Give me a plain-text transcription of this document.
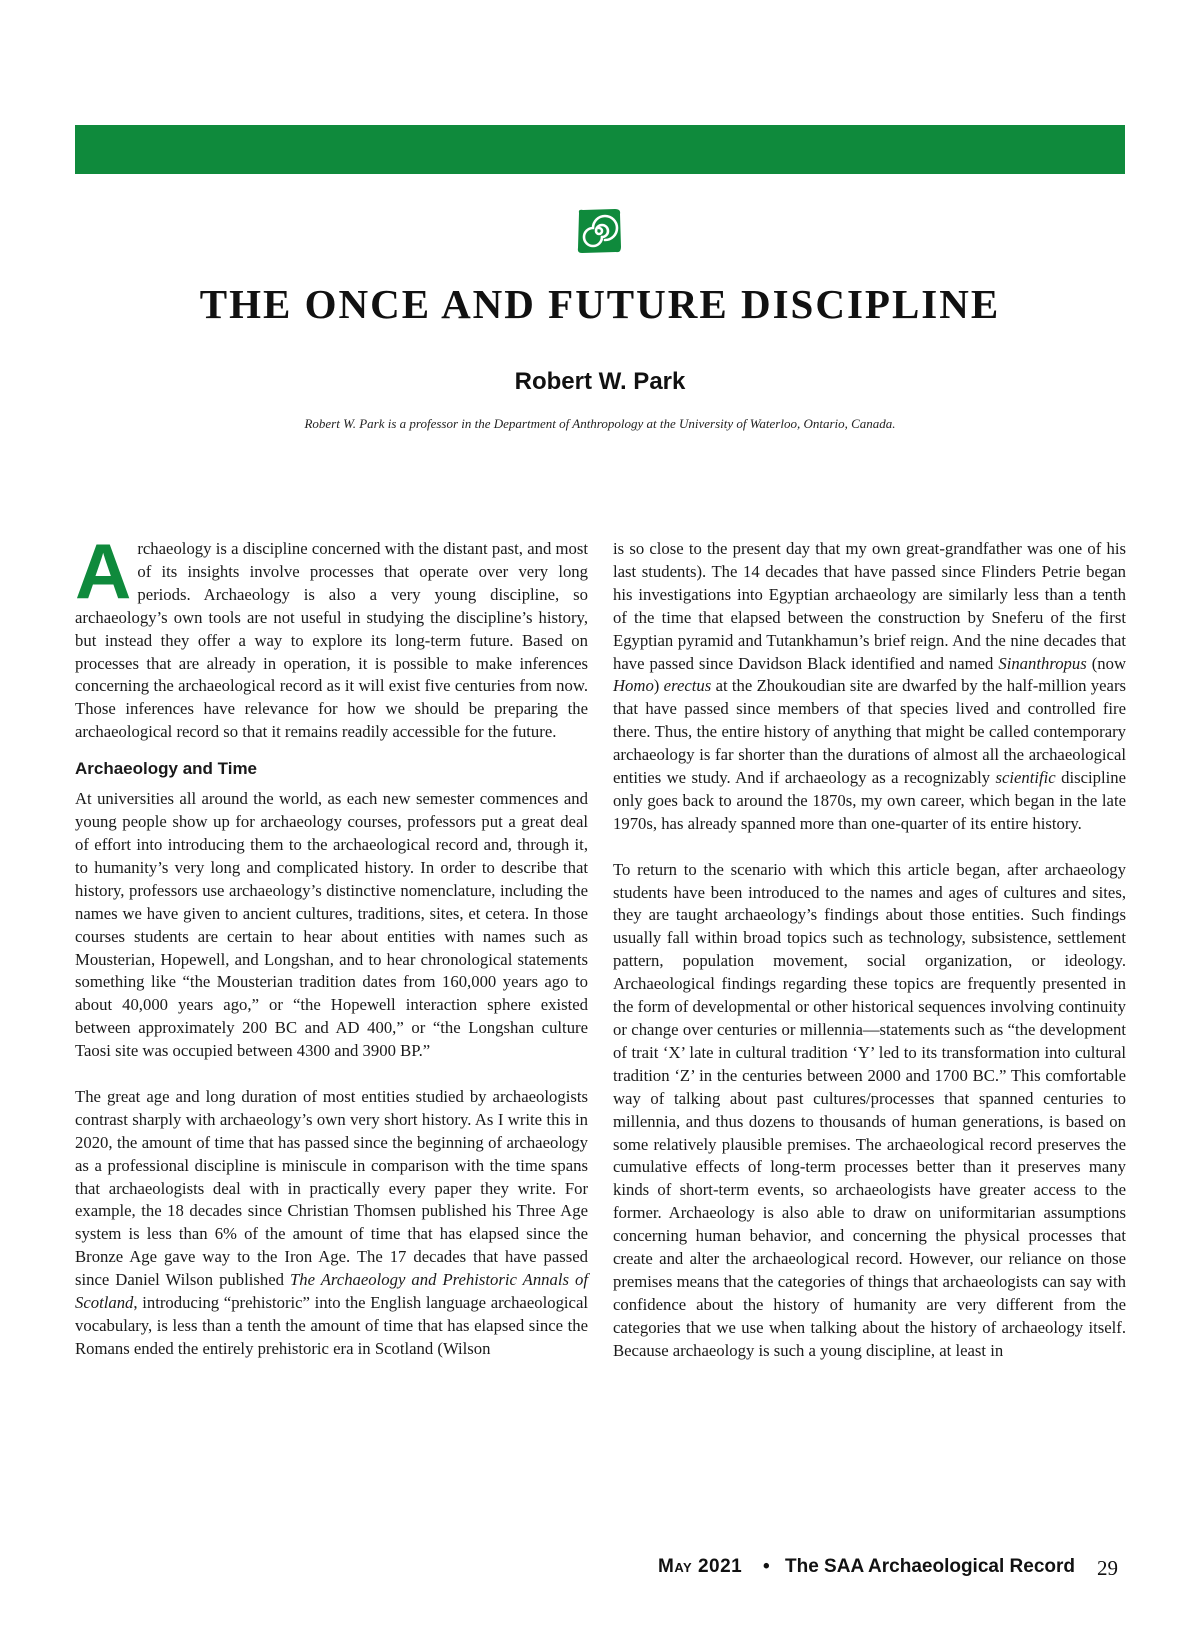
THE ONCE AND FUTURE DISCIPLINE
Robert W. Park
Robert W. Park is a professor in the Department of Anthropology at the University of Waterloo, Ontario, Canada.

Archaeology is a discipline concerned with the distant past, and most of its insights involve processes that operate over very long periods. Archaeology is also a very young discipline, so archaeology’s own tools are not useful in studying the discipline’s history, but instead they offer a way to explore its long-term future. Based on processes that are already in operation, it is possible to make inferences concerning the archaeological record as it will exist five centuries from now. Those inferences have relevance for how we should be preparing the archaeological record so that it remains readily accessible for the future.

Archaeology and Time

At universities all around the world, as each new semester commences and young people show up for archaeology courses, professors put a great deal of effort into introducing them to the archaeological record and, through it, to humanity’s very long and complicated history. In order to describe that history, professors use archaeology’s distinctive nomenclature, including the names we have given to ancient cultures, traditions, sites, et cetera. In those courses students are certain to hear about entities with names such as Mousterian, Hopewell, and Longshan, and to hear chronological statements something like “the Mousterian tradition dates from 160,000 years ago to about 40,000 years ago,” or “the Hopewell interaction sphere existed between approximately 200 BC and AD 400,” or “the Longshan culture Taosi site was occupied between 4300 and 3900 BP.”

The great age and long duration of most entities studied by archaeologists contrast sharply with archaeology’s own very short history. As I write this in 2020, the amount of time that has passed since the beginning of archaeology as a professional discipline is miniscule in comparison with the time spans that archaeologists deal with in practically every paper they write. For example, the 18 decades since Christian Thomsen published his Three Age system is less than 6% of the amount of time that has elapsed since the Bronze Age gave way to the Iron Age. The 17 decades that have passed since Daniel Wilson published The Archaeology and Prehistoric Annals of Scotland, introducing “prehistoric” into the English language archaeological vocabulary, is less than a tenth the amount of time that has elapsed since the Romans ended the entirely prehistoric era in Scotland (Wilson

is so close to the present day that my own great-grandfather was one of his last students). The 14 decades that have passed since Flinders Petrie began his investigations into Egyptian archaeology are similarly less than a tenth of the time that elapsed between the construction by Sneferu of the first Egyptian pyramid and Tutankhamun’s brief reign. And the nine decades that have passed since Davidson Black identified and named Sinanthropus (now Homo) erectus at the Zhoukoudian site are dwarfed by the half-million years that have passed since members of that species lived and controlled fire there. Thus, the entire history of anything that might be called contemporary archaeology is far shorter than the durations of almost all the archaeological entities we study. And if archaeology as a recognizably scientific discipline only goes back to around the 1870s, my own career, which began in the late 1970s, has already spanned more than one-quarter of its entire history.

To return to the scenario with which this article began, after archaeology students have been introduced to the names and ages of cultures and sites, they are taught archaeology’s findings about those entities. Such findings usually fall within broad topics such as technology, subsistence, settlement pattern, population movement, social organization, or ideology. Archaeological findings regarding these topics are frequently presented in the form of developmental or other historical sequences involving continuity or change over centuries or millennia—statements such as “the development of trait ‘X’ late in cultural tradition ‘Y’ led to its transformation into cultural tradition ‘Z’ in the centuries between 2000 and 1700 BC.” This comfortable way of talking about past cultures/processes that spanned centuries to millennia, and thus dozens to thousands of human generations, is based on some relatively plausible premises. The archaeological record preserves the cumulative effects of long-term processes better than it preserves many kinds of short-term events, so archaeologists have greater access to the former. Archaeology is also able to draw on uniformitarian assumptions concerning human behavior, and concerning the physical processes that create and alter the archaeological record. However, our reliance on those premises means that the categories of things that archaeologists can say with confidence about the history of humanity are very different from the categories that we use when talking about the history of archaeology itself. Because archaeology is such a young discipline, at least in

May 2021 • The SAA Archaeological Record 29
